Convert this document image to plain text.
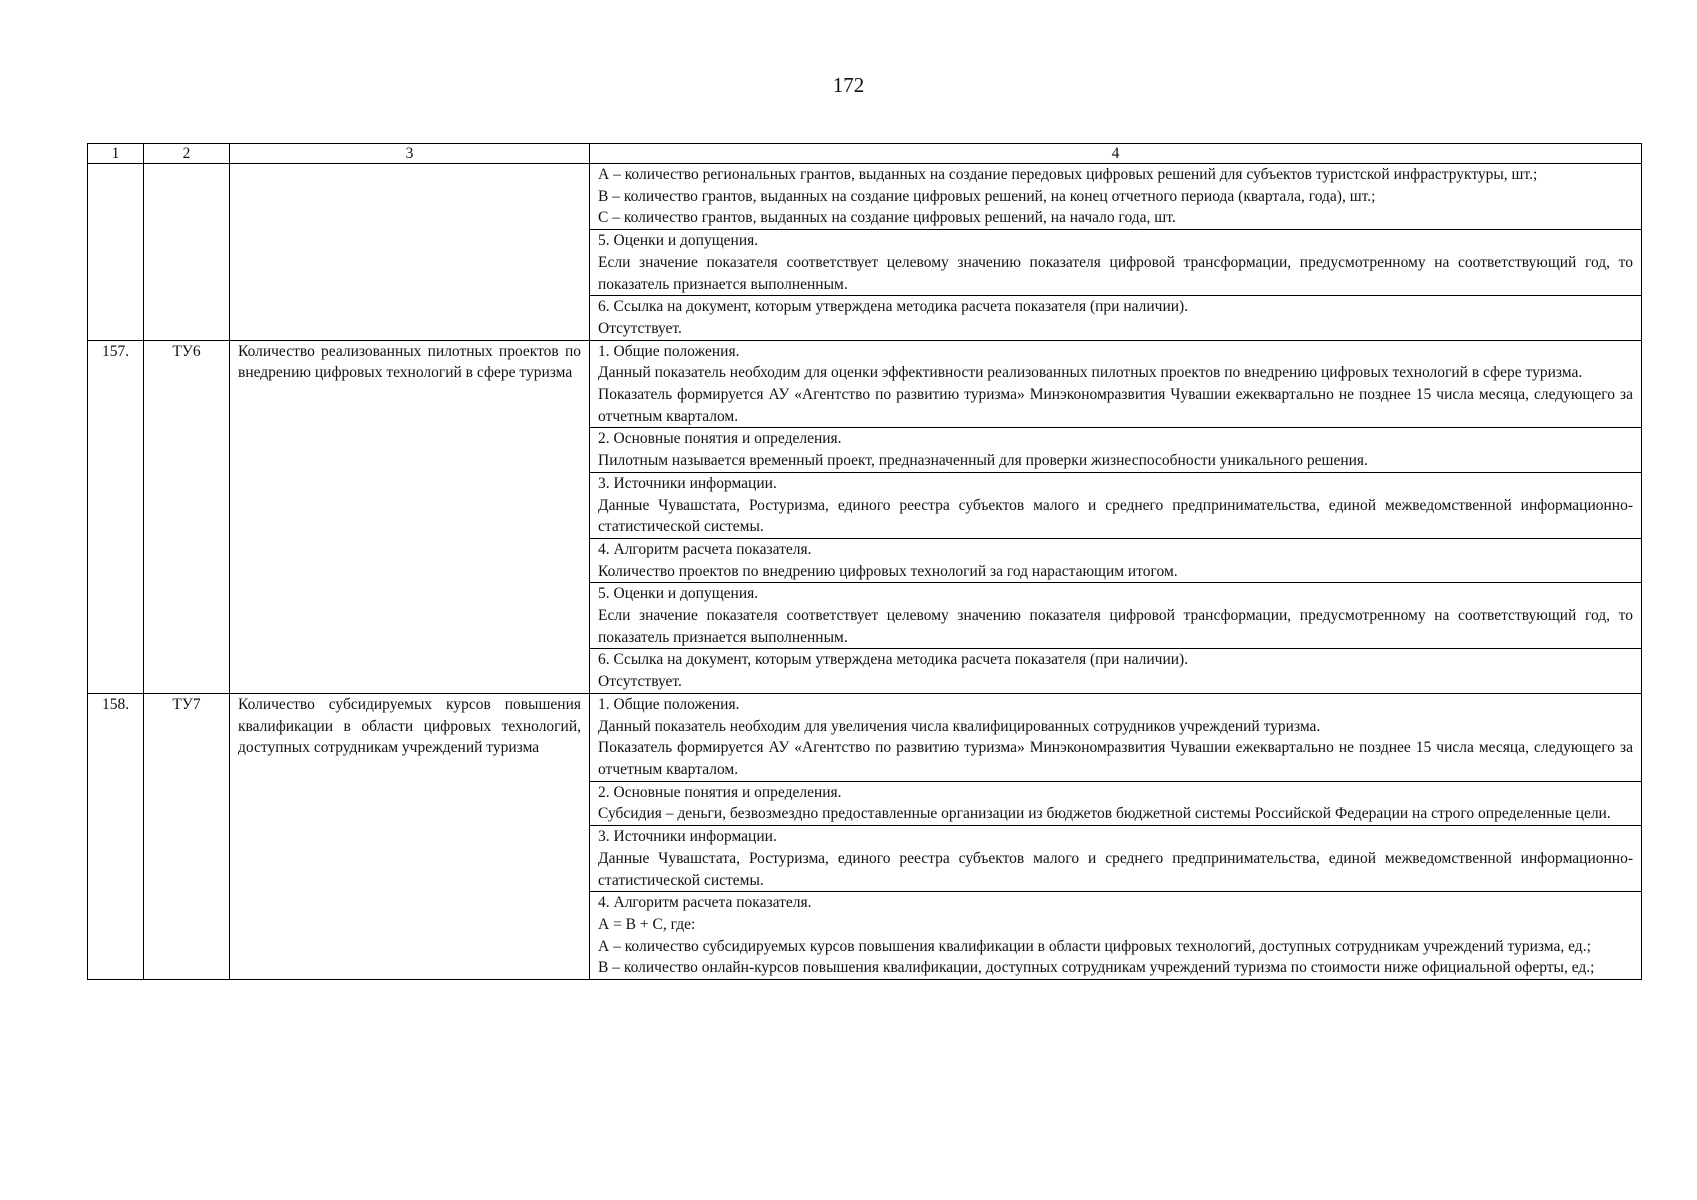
172
1	2	3	4

			А – количество региональных грантов, выданных на создание передовых цифровых решений для субъектов туристской инфраструктуры, шт.;
В – количество грантов, выданных на создание цифровых решений, на конец отчетного периода (квартала, года), шт.;
С – количество грантов, выданных на создание цифровых решений, на начало года, шт.

			5. Оценки и допущения.
Если значение показателя соответствует целевому значению показателя цифровой трансформации, предусмотренному на соответствующий год, то показатель признается выполненным.

			6. Ссылка на документ, которым утверждена методика расчета показателя (при наличии).
Отсутствует.

157.	ТУ6	Количество реализованных пилотных проектов по внедрению цифровых технологий в сфере туризма	1. Общие положения.
Данный показатель необходим для оценки эффективности реализованных пилотных проектов по внедрению цифровых технологий в сфере туризма.
Показатель формируется АУ «Агентство по развитию туризма» Минэкономразвития Чувашии ежеквартально не позднее 15 числа месяца, следующего за отчетным кварталом.

			2. Основные понятия и определения.
Пилотным называется временный проект, предназначенный для проверки жизнеспособности уникального решения.

			3. Источники информации.
Данные Чувашстата, Ростуризма, единого реестра субъектов малого и среднего предпринимательства, единой межведомственной информационно-статистической системы.

			4. Алгоритм расчета показателя.
Количество проектов по внедрению цифровых технологий за год нарастающим итогом.

			5. Оценки и допущения.
Если значение показателя соответствует целевому значению показателя цифровой трансформации, предусмотренному на соответствующий год, то показатель признается выполненным.

			6. Ссылка на документ, которым утверждена методика расчета показателя (при наличии).
Отсутствует.

158.	ТУ7	Количество субсидируемых курсов повышения квалификации в области цифровых технологий, доступных сотрудникам учреждений туризма	1. Общие положения.
Данный показатель необходим для увеличения числа квалифицированных сотрудников учреждений туризма.
Показатель формируется АУ «Агентство по развитию туризма» Минэкономразвития Чувашии ежеквартально не позднее 15 числа месяца, следующего за отчетным кварталом.

			2. Основные понятия и определения.
Субсидия – деньги, безвозмездно предоставленные организации из бюджетов бюджетной системы Российской Федерации на строго определенные цели.

			3. Источники информации.
Данные Чувашстата, Ростуризма, единого реестра субъектов малого и среднего предпринимательства, единой межведомственной информационно-статистической системы.

			4. Алгоритм расчета показателя.
А = В + С, где:
А – количество субсидируемых курсов повышения квалификации в области цифровых технологий, доступных сотрудникам учреждений туризма, ед.;
В – количество онлайн-курсов повышения квалификации, доступных сотрудникам учреждений туризма по стоимости ниже официальной оферты, ед.;
